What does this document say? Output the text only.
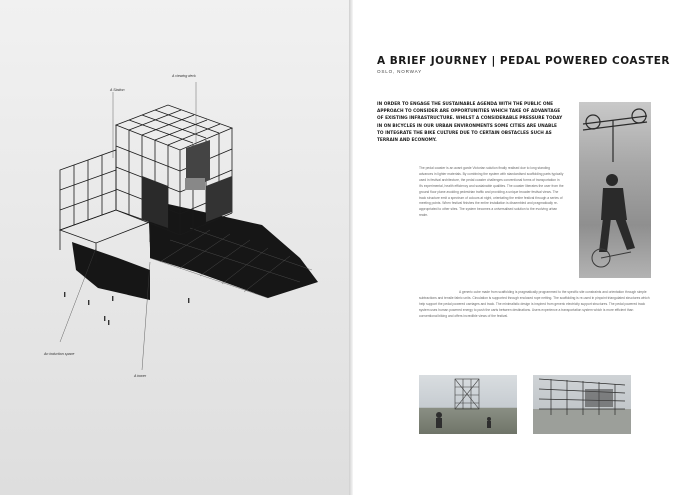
A viewing deck
A Station
An induction space
A tower
A BRIEF JOURNEY | PEDAL POWERED COASTER
OSLO, NORWAY
IN ORDER TO ENGAGE THE SUSTAINABLE AGENDA WITH THE PUBLIC ONE APPROACH TO CONSIDER ARE OPPORTUNITIES WHICH TAKE OF ADVANTAGE OF EXISTING INFRASTRUCTURE. WHILST A CONSIDERABLE PRESSURE TODAY IN ON BICYCLES IN OUR URBAN ENVIRONMENTS SOME CITIES ARE UNABLE TO INTEGRATE THE BIKE CULTURE DUE TO CERTAIN OBSTACLES SUCH AS TERRAIN AND ECONOMY.
The pedal coaster is an avant garde Victorian solution finally realised due to long standing advances in lighter materials. By combining the system with standardised scaffolding parts typically used in festival architecture, the pedal coaster challenges conventional forms of transportation in it's experimental, health efficiency and sustainable qualities. The coaster liberates the user from the ground floor plane avoiding pedestrian traffic and providing a unique broader festival views. The track structure emit a spectrum of colours at night, orientating the entire festival through a series of meeting points. When festival finishes the entire installation is dissembled and pragmatically re-appropriated to other sites. The system becomes a universalised solution to the evolving urban realm.
A generic cube made from scaffolding is pragmatically programmed to the specific site constraints and orientation through simple subtractions and tensile fabric units. Circulation is supported through enclosed rope netting. The scaffolding is re-used in pinpoint triangulated structures which help support the pedal powered carriages and track. The minimalistic design is inspired from generic electricity support structures. The pedal powered track system uses human powered energy to push the carts between destinations. Users experience a transportation system which is more efficient than conventional biking and offers incredible views of the festival.
